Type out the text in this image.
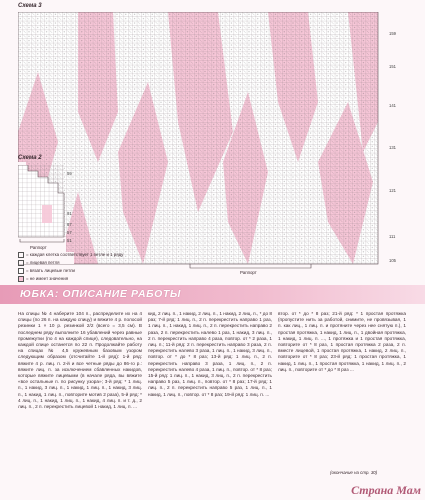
Схема 3
159
151
141
131
121
111
105
Раппорт
Схема 2
59
91
87
57
51
Раппорт

= каждая клетка соответствует 1 петле и 1 ряду

= лицевая петля

= вязать лицевые петли

= не имеет значения

ЮБКА: ОПИСАНИЕ РАБОТЫ
На спицы № 4 наберите 104 п., распределите их на 4 спицы (по 26 п. на каждую спицу) и вяжите 4 р. полосой резинки 1 × 10 р. резинкой 2/2 (всего = 3,5 см). В последнем ряду выполните 16 убавлений через равные промежутки (по 4 на каждой спице), следовательно, на каждой спице останется по 22 п. Продолжайте работу на спицах № 4,5 кружевным базовым узором следующим образом (отсчитайте 1-й ряд): 1-й ряд: вяжите 4 р. лиц. п. 2-й и все четные ряды до 86-го р.: вяжите лиц. п. за исключением сбавленных накидов, которые вяжите лицевыми (в начале ряда, вы вяжите «все остальные п. по рисунку узора»; 3-й ряд: * 1 лиц. п., 1 накид, 3 лиц. п., 1 накид, 1 лиц. п., 1 накид, 3 лиц. п., 1 накид, 1 лиц. п., повторите мотив 2 раза), 5-й ряд: * 4 лиц. п., 1 накид, 1 лиц. п., 1 накид, 4 лиц. п. и т. д., 2 лиц. п., 2 п. перекрестить лицевой 1 накид, 1 лиц. п. ...
кид, 2 лиц. п., 1 накид, 2 лиц. п., 1 накид, 2 лиц. п., * до 8 раз; 7-й ряд: 1 лиц. п., 2 п. перекрестить направо 1 раз, 1 лиц. п., 1 накид, 1 лиц. п., 2 п. перекрестить направо 2 раза, 2 п. перекрестить налево 1 раз, 1 накид, 3 лиц. п., 2 п. перекрестить направо 4 раза, повтор. от * 2 раза, 1 лиц. п.; 11-й ряд: 2 п. перекрестить направо 3 раза, 2 п. перекрестить налево 3 раза, 1 лиц. п., 1 накид, 3 лиц. п., повтор. от * до * 8 раз; 13-й ряд: 1 лиц. п., 2 п. перекрестить направо 3 раза, 1 лиц. п., 2 п. перекрестить налево 4 раза, 1 лиц. п., повтор. от * 8 раз; 15-й ряд: 1 лиц. п., 1 накид, 3 лиц. п., 2 п. перекрестить направо 5 раз, 1 лиц. п., повтор. от * 8 раз; 17-й ряд: 1 лиц. п., 2 п. перекрестить направо 5 раз, 1 лиц. п., 1 накид, 1 лиц. п., повтор. от * 8 раз; 19-й ряд: 1 лиц. п. ...
втор. от * до * 8 раз; 21-й ряд: * 1 простая протяжка (пропустите нить за работой, снимите, не провязывая, 1 п. как лиц., 1 лиц. п. и протяните через нее снятую п.), 1 простая протяжка, 1 накид, 1 лиц. п., 1 двойная протяжка, 1 накид, 1 лиц. п. ..., 1 протяжка и 1 простая протяжка, повторите от * 8 раз, 1 простая протяжка 2 раза, 2 п. вместе лицевой, 1 простая протяжка, 1 накид, 2 лиц. п., повторите от * 8 раз; 23-й ряд: 1 простая протяжка, 1 накид, 1 лиц. п., 1 простая протяжка, 1 накид, 1 лиц. п., 2 лиц. п., повторите от * до * 8 раз ...
(окончание на стр. 30)
Страна Мам
